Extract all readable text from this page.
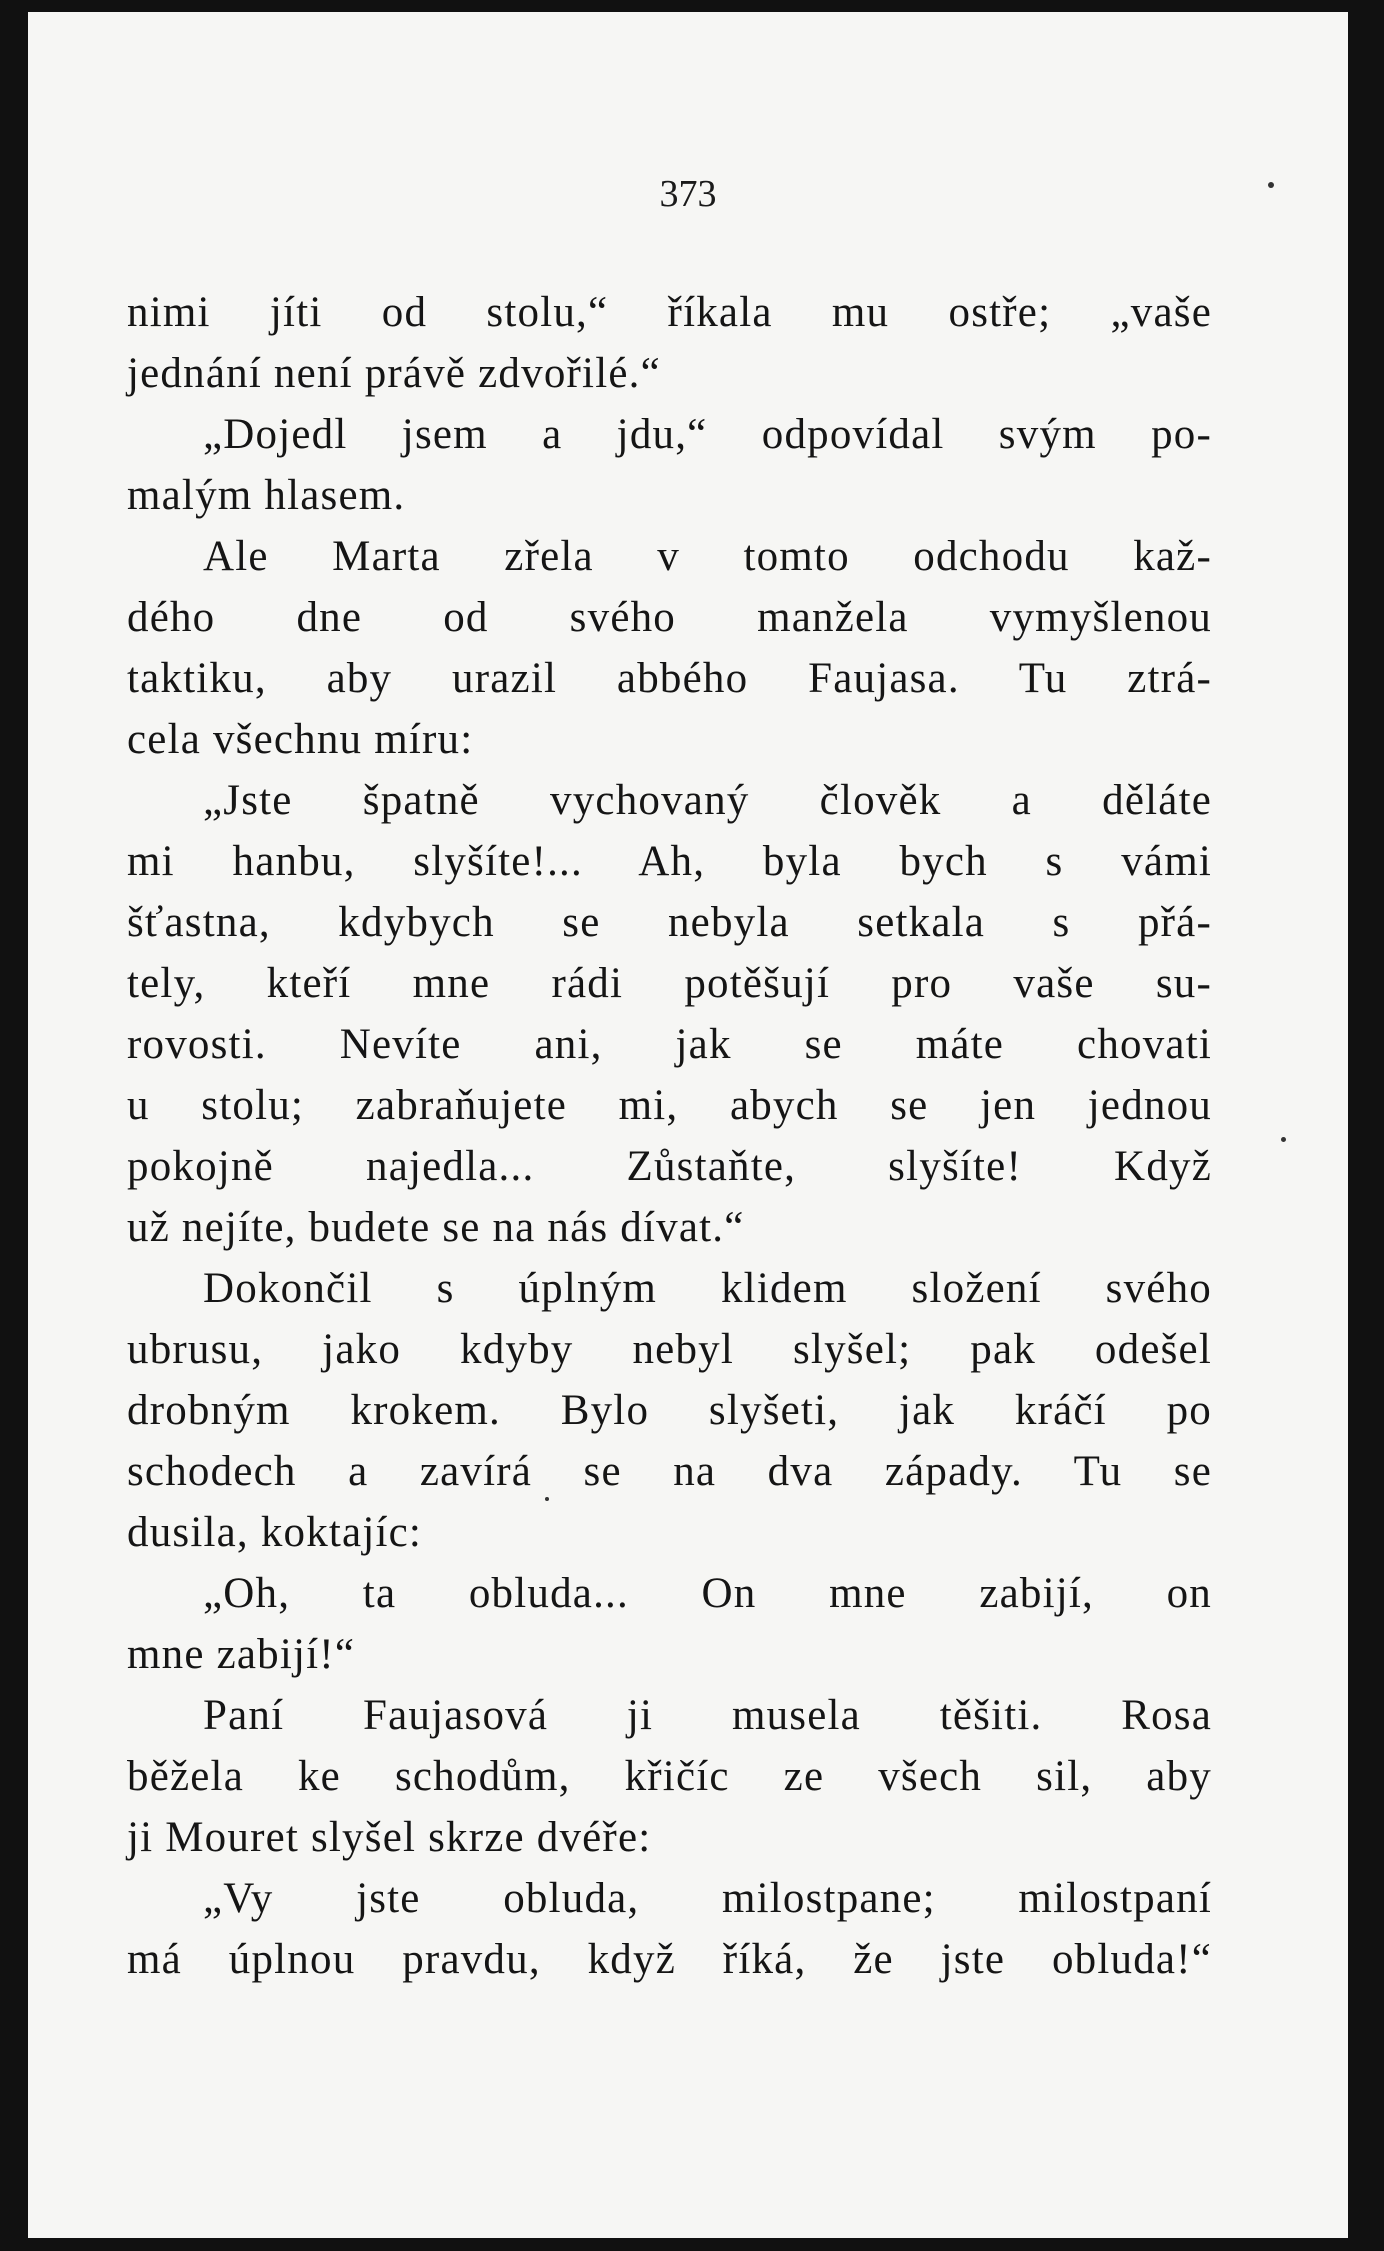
373
nimi jíti od stolu,“ říkala mu ostře; „vaše
jednání není právě zdvořilé.“
„Dojedl jsem a jdu,“ odpovídal svým po-
malým hlasem.
Ale Marta zřela v tomto odchodu kaž-
dého dne od svého manžela vymyšlenou
taktiku, aby urazil abbého Faujasa. Tu ztrá-
cela všechnu míru:
„Jste špatně vychovaný člověk a děláte
mi hanbu, slyšíte!... Ah, byla bych s vámi
šťastna, kdybych se nebyla setkala s přá-
tely, kteří mne rádi potěšují pro vaše su-
rovosti. Nevíte ani, jak se máte chovati
u stolu; zabraňujete mi, abych se jen jednou
pokojně najedla... Zůstaňte, slyšíte! Když
už nejíte, budete se na nás dívat.“
Dokončil s úplným klidem složení svého
ubrusu, jako kdyby nebyl slyšel; pak odešel
drobným krokem. Bylo slyšeti, jak kráčí po
schodech a zavírá se na dva západy. Tu se
dusila, koktajíc:
„Oh, ta obluda... On mne zabijí, on
mne zabijí!“
Paní Faujasová ji musela těšiti. Rosa
běžela ke schodům, křičíc ze všech sil, aby
ji Mouret slyšel skrze dvéře:
„Vy jste obluda, milostpane; milostpaní
má úplnou pravdu, když říká, že jste obluda!“
